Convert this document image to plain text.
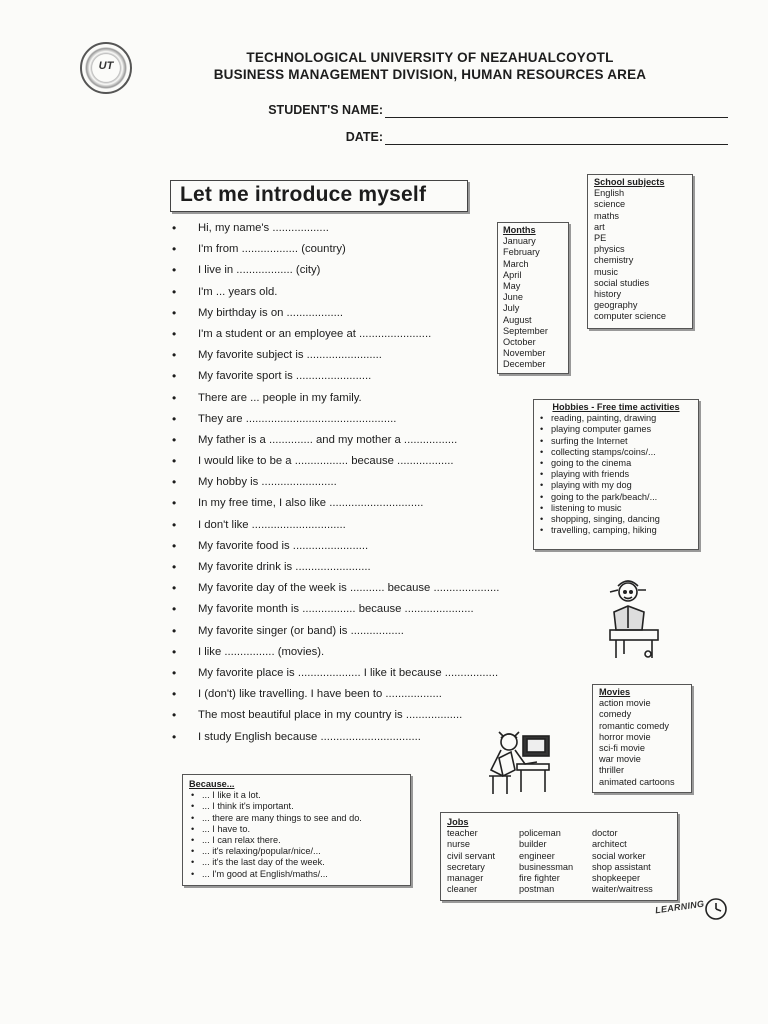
UT
TECHNOLOGICAL UNIVERSITY OF NEZAHUALCOYOTL
BUSINESS MANAGEMENT DIVISION, HUMAN RESOURCES AREA
STUDENT'S NAME:
DATE:
Let me introduce myself
• Hi, my name's ..................
• I'm from .................. (country)
• I live in .................. (city)
• I'm ... years old.
• My birthday is on ..................
• I'm a student or an employee at .......................
• My favorite subject is ........................
• My favorite sport is ........................
• There are ... people in my family.
• They are ................................................
• My father is a .............. and my mother a .................
• I would like to be a ................. because ..................
• My hobby is ........................
• In my free time, I also like ..............................
• I don't like ..............................
• My favorite food is ........................
• My favorite drink is ........................
• My favorite day of the week is ........... because .....................
• My favorite month is ................. because ......................
• My favorite singer (or band) is .................
• I like ................ (movies).
• My favorite place is .................... I like it because .................
• I (don't) like travelling. I have been to ..................
• The most beautiful place in my country is ..................
• I study English because ................................
Months
January
February
March
April
May
June
July
August
September
October
November
December
School subjects
English
science
maths
art
PE
physics
chemistry
music
social studies
history
geography
computer science
Hobbies - Free time activities
• reading, painting, drawing
• playing computer games
• surfing the Internet
• collecting stamps/coins/...
• going to the cinema
• playing with friends
• playing with my dog
• going to the park/beach/...
• listening to music
• shopping, singing, dancing
• travelling, camping, hiking
Movies
action movie
comedy
romantic comedy
horror movie
sci-fi movie
war movie
thriller
animated cartoons
Because...
• ... I like it a lot.
• ... I think it's important.
• ... there are many things to see and do.
• ... I have to.
• ... I can relax there.
• ... it's relaxing/popular/nice/...
• ... it's the last day of the week.
• ... I'm good at English/maths/...
Jobs
teacher	policeman	doctor
nurse	builder	architect
civil servant	engineer	social worker
secretary	businessman	shop assistant
manager	fire fighter	shopkeeper
cleaner	postman	waiter/waitress
LEARNING
